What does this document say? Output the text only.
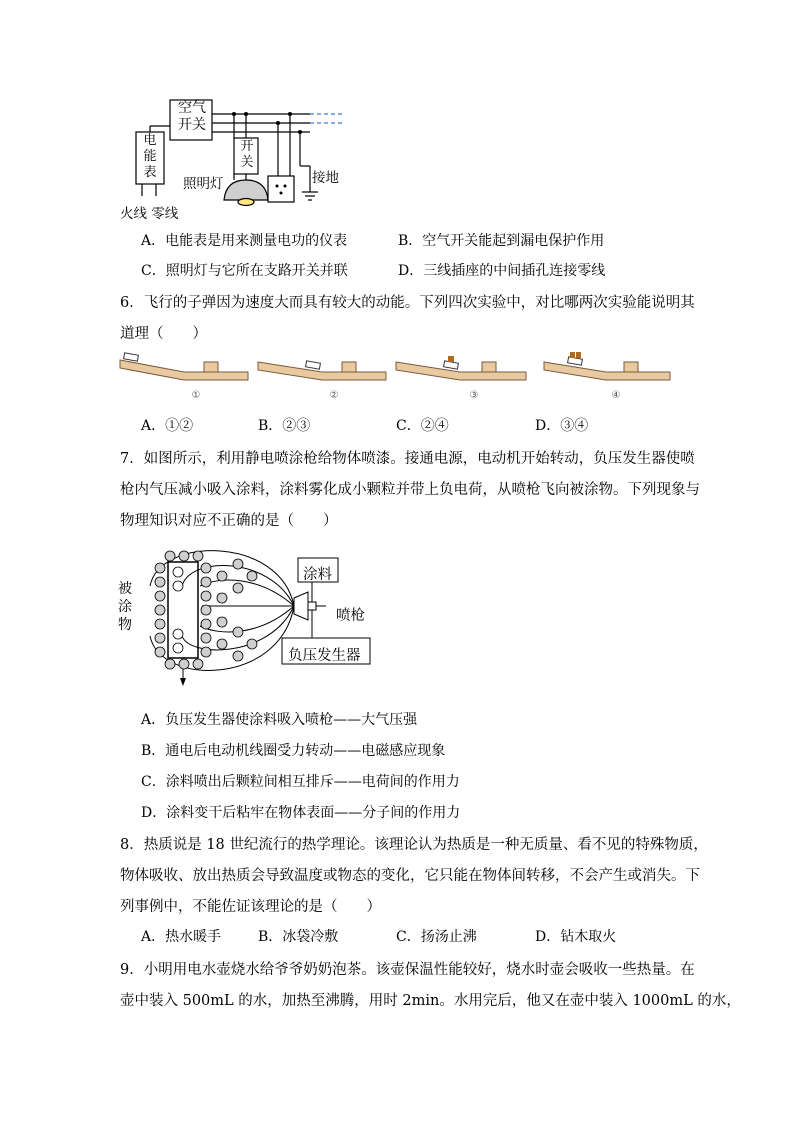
空气
开关
电
能
表
开
关
照明灯	接地
火线 零线
A．电能表是用来测量电功的仪表	B．空气开关能起到漏电保护作用
C．照明灯与它所在支路开关并联	D．三线插座的中间插孔连接零线
6．飞行的子弹因为速度大而具有较大的动能。下列四次实验中，对比哪两次实验能说明其
道理（　　）
①	②	③	④
A．①②	B．②③	C．②④	D．③④
7．如图所示，利用静电喷涂枪给物体喷漆。接通电源，电动机开始转动，负压发生器使喷
枪内气压减小吸入涂料，涂料雾化成小颗粒并带上负电荷，从喷枪飞向被涂物。下列现象与
物理知识对应不正确的是（　　）
被
涂
物
涂料
喷枪
负压发生器
A．负压发生器使涂料吸入喷枪——大气压强
B．通电后电动机线圈受力转动——电磁感应现象
C．涂料喷出后颗粒间相互排斥——电荷间的作用力
D．涂料变干后粘牢在物体表面——分子间的作用力
8．热质说是 18 世纪流行的热学理论。该理论认为热质是一种无质量、看不见的特殊物质，
物体吸收、放出热质会导致温度或物态的变化，它只能在物体间转移，不会产生或消失。下
列事例中，不能佐证该理论的是（　　）
A．热水暖手	B．冰袋冷敷	C．扬汤止沸	D．钻木取火
9．小明用电水壶烧水给爷爷奶奶泡茶。该壶保温性能较好，烧水时壶会吸收一些热量。在
壶中装入 500mL 的水，加热至沸腾，用时 2min。水用完后，他又在壶中装入 1000mL 的水，
